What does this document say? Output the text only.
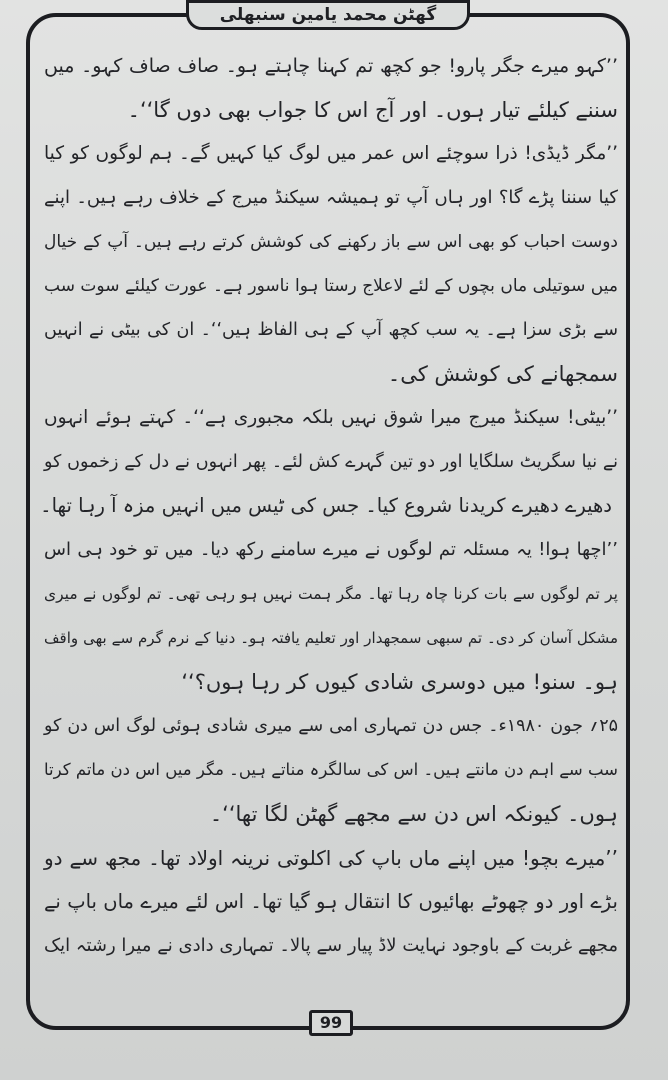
گھٹن محمد یامین سنبھلی
’’کہو میرے جگر پارو! جو کچھ تم کہنا چاہتے ہو۔ صاف صاف کہو۔ میں
سننے کیلئے تیار ہوں۔ اور آج اس کا جواب بھی دوں گا‘‘۔
’’مگر ڈیڈی! ذرا سوچئے اس عمر میں لوگ کیا کہیں گے۔ ہم لوگوں کو کیا
کیا سننا پڑے گا؟ اور ہاں آپ تو ہمیشہ سیکنڈ میرج کے خلاف رہے ہیں۔ اپنے
دوست احباب کو بھی اس سے باز رکھنے کی کوشش کرتے رہے ہیں۔ آپ کے خیال
میں سوتیلی ماں بچوں کے لئے لاعلاج رستا ہوا ناسور ہے۔ عورت کیلئے سوت سب
سے بڑی سزا ہے۔ یہ سب کچھ آپ کے ہی الفاظ ہیں‘‘۔ ان کی بیٹی نے انہیں
سمجھانے کی کوشش کی۔
’’بیٹی! سیکنڈ میرج میرا شوق نہیں بلکہ مجبوری ہے‘‘۔ کہتے ہوئے انہوں
نے نیا سگریٹ سلگایا اور دو تین گہرے کش لئے۔ پھر انہوں نے دل کے زخموں کو
دھیرے دھیرے کریدنا شروع کیا۔ جس کی ٹیس میں انہیں مزہ آ رہا تھا۔
’’اچھا ہوا! یہ مسئلہ تم لوگوں نے میرے سامنے رکھ دیا۔ میں تو خود ہی اس
پر تم لوگوں سے بات کرنا چاہ رہا تھا۔ مگر ہمت نہیں ہو رہی تھی۔ تم لوگوں نے میری
مشکل آسان کر دی۔ تم سبھی سمجھدار اور تعلیم یافتہ ہو۔ دنیا کے نرم گرم سے بھی واقف
ہو۔ سنو! میں دوسری شادی کیوں کر رہا ہوں؟‘‘
۲۵؍ جون ۱۹۸۰ء۔ جس دن تمہاری امی سے میری شادی ہوئی لوگ اس دن کو
سب سے اہم دن مانتے ہیں۔ اس کی سالگرہ مناتے ہیں۔ مگر میں اس دن ماتم کرتا
ہوں۔ کیونکہ اس دن سے مجھے گھٹن لگا تھا‘‘۔
’’میرے بچو! میں اپنے ماں باپ کی اکلوتی نرینہ اولاد تھا۔ مجھ سے دو
بڑے اور دو چھوٹے بھائیوں کا انتقال ہو گیا تھا۔ اس لئے میرے ماں باپ نے
مجھے غربت کے باوجود نہایت لاڈ پیار سے پالا۔ تمہاری دادی نے میرا رشتہ ایک
99
